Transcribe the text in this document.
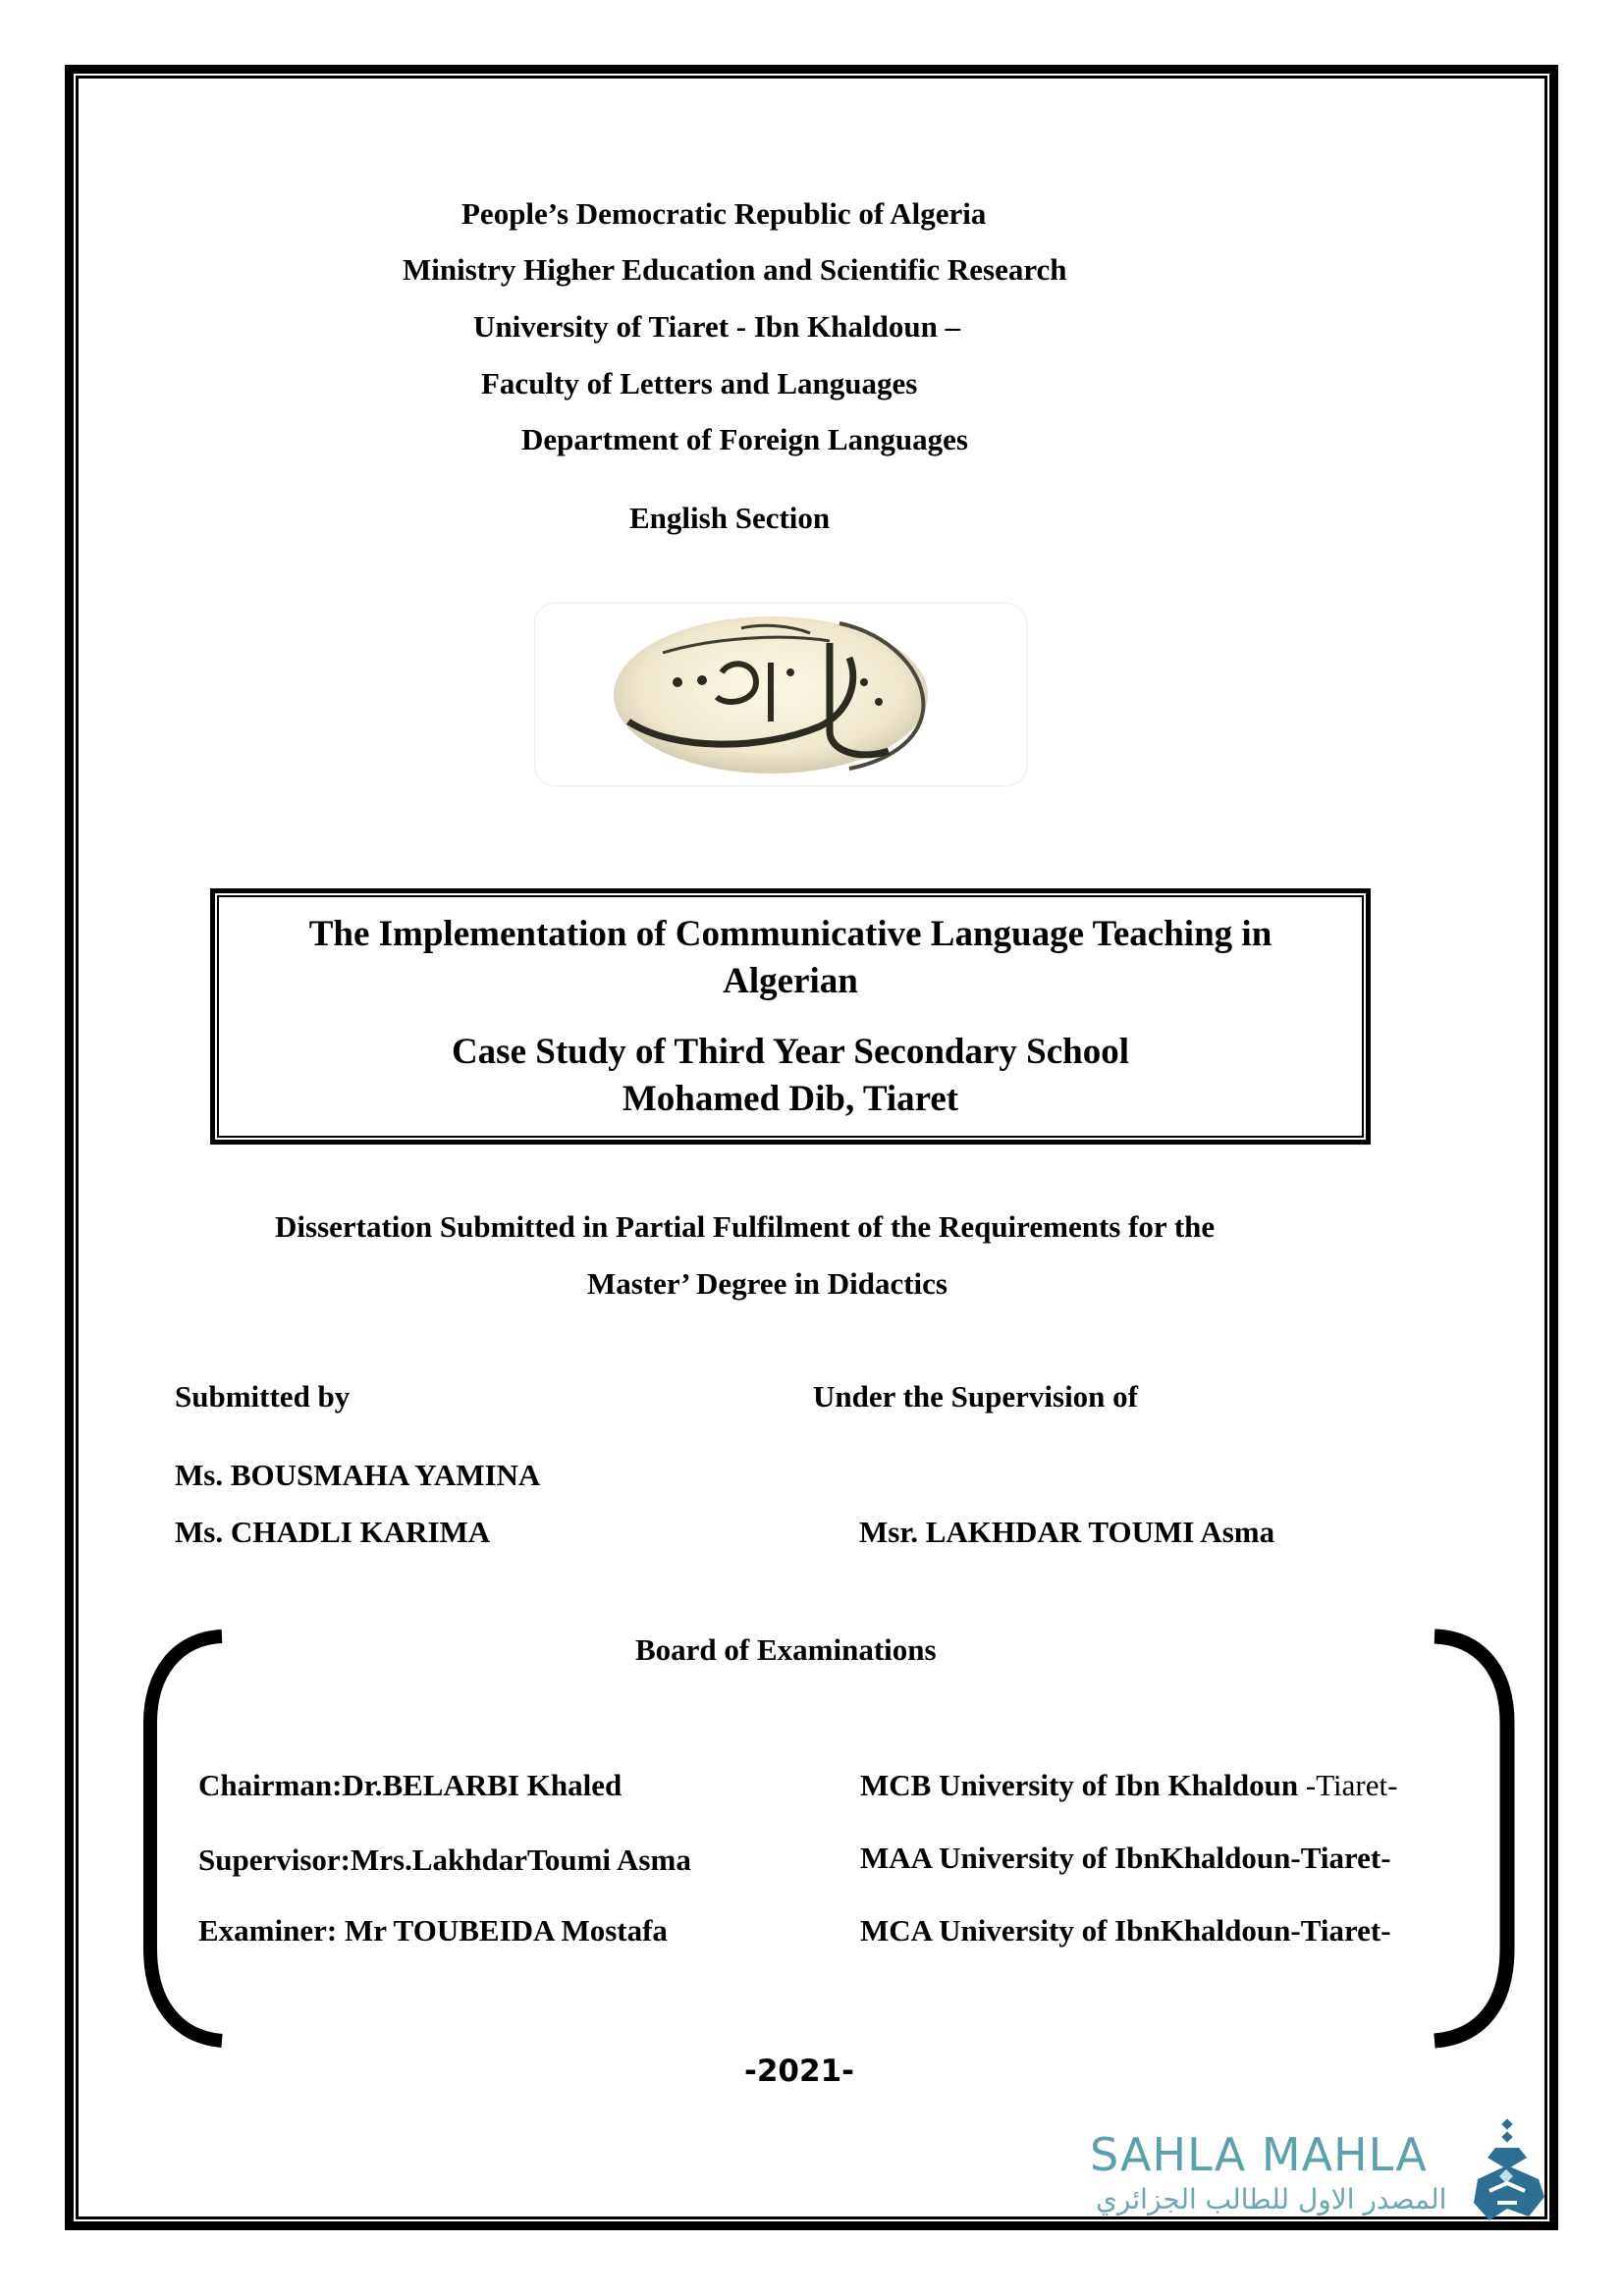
People’s Democratic Republic of Algeria
Ministry Higher Education and Scientific Research
University of Tiaret - Ibn Khaldoun –
Faculty of Letters and Languages
Department of Foreign Languages
English Section
The Implementation of Communicative Language Teaching in
Algerian
Case Study of Third Year Secondary School
Mohamed Dib, Tiaret
Dissertation Submitted in Partial Fulfilment of the Requirements for the
Master’ Degree in Didactics
Submitted by	Under the Supervision of
Ms. BOUSMAHA YAMINA
Ms. CHADLI KARIMA	Msr. LAKHDAR TOUMI Asma
Board of Examinations
Chairman:Dr.BELARBI Khaled	MCB University of Ibn Khaldoun -Tiaret-
Supervisor:Mrs.LakhdarToumi Asma	MAA University of IbnKhaldoun-Tiaret-
Examiner: Mr TOUBEIDA Mostafa	MCA University of IbnKhaldoun-Tiaret-
-2021-
SAHLA MAHLA
المصدر الاول للطالب الجزائري
